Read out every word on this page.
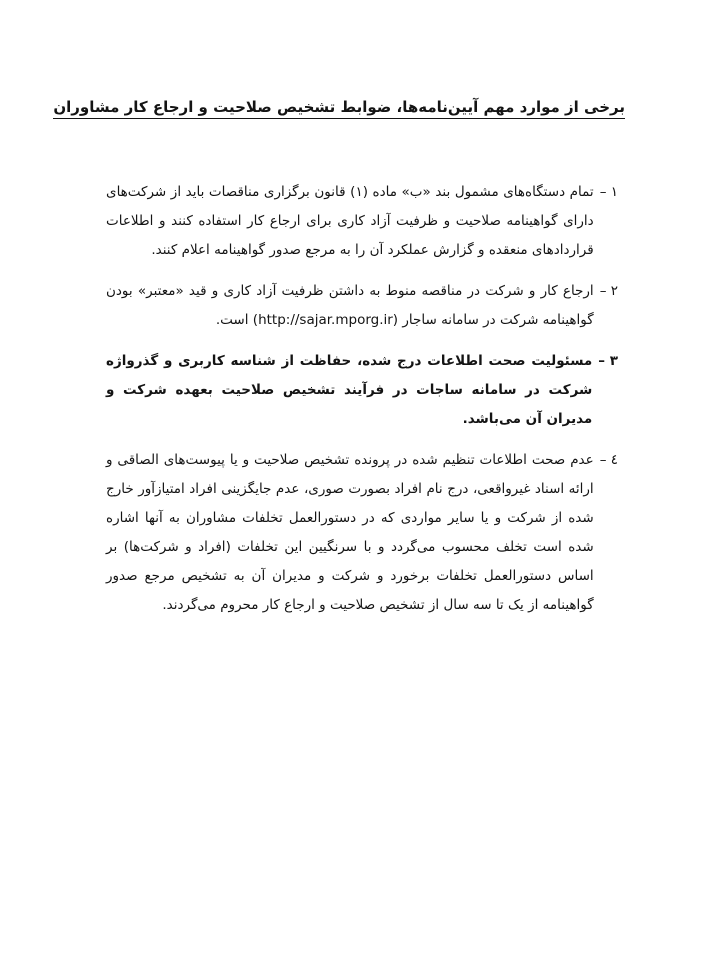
برخی از موارد مهم آیین‌نامه‌ها، ضوابط تشخیص صلاحیت و ارجاع کار مشاوران
۱ –
تمام دستگاه‌های مشمول بند «ب» ماده (۱) قانون برگزاری مناقصات باید از شرکت‌های دارای گواهینامه صلاحیت و ظرفیت آزاد کاری برای ارجاع کار استفاده کنند و اطلاعات قراردادهای منعقده و گزارش عملکرد آن را به مرجع صدور گواهینامه اعلام کنند.
۲ –
ارجاع کار و شرکت در مناقصه منوط به داشتن ظرفیت آزاد کاری و قید «معتبر» بودن گواهینامه شرکت در سامانه ساجار (http://sajar.mporg.ir) است.
۳ –
مسئولیت صحت اطلاعات درج شده، حفاظت از شناسه کاربری و گذرواژه شرکت در سامانه ساجات در فرآیند تشخیص صلاحیت بعهده شرکت و مدیران آن می‌باشد.
٤ –
عدم صحت اطلاعات تنظیم شده در پرونده تشخیص صلاحیت و یا پیوست‌های الصاقی و ارائه اسناد غیرواقعی، درج نام افراد بصورت صوری، عدم جایگزینی افراد امتیازآور خارج شده از شرکت و یا سایر مواردی که در دستورالعمل تخلفات مشاوران به آنها اشاره شده است تخلف محسوب می‌گردد و با سرنگیین این تخلفات (افراد و شرکت‌ها) بر اساس دستورالعمل تخلفات برخورد و شرکت و مدیران آن به تشخیص مرجع صدور گواهینامه از یک تا سه سال از تشخیص صلاحیت و ارجاع کار محروم می‌گردند.
